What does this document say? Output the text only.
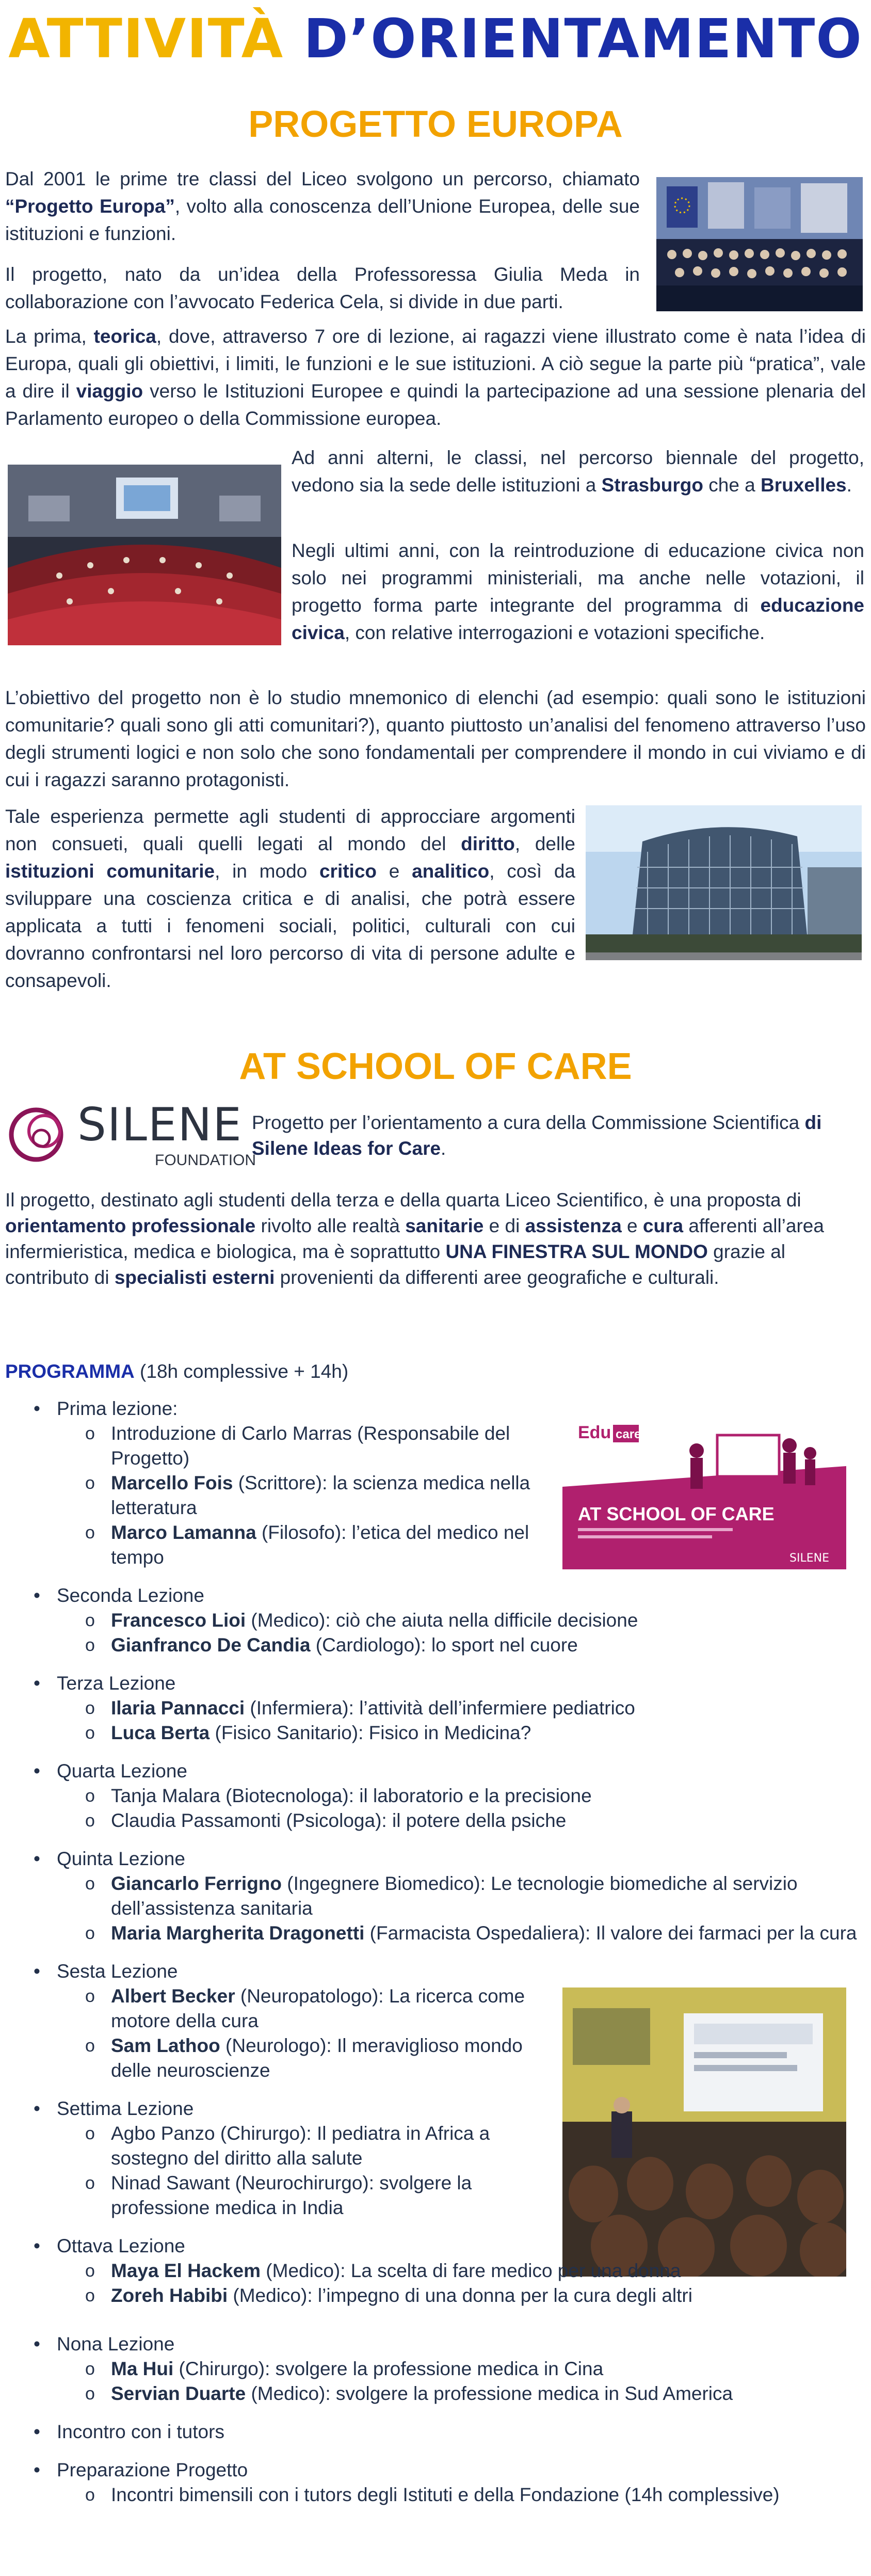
ATTIVITÀ D’ORIENTAMENTO
PROGETTO EUROPA

Dal 2001 le prime tre classi del Liceo svolgono un percorso, chiamato “Progetto Europa”, volto alla conoscenza dell’Unione Europea, delle sue istituzioni e funzioni.

Il progetto, nato da un’idea della Professoressa Giulia Meda in collaborazione con l’avvocato Federica Cela, si divide in due parti.

La prima, teorica, dove, attraverso 7 ore di lezione, ai ragazzi viene illustrato come è nata l’idea di Europa, quali gli obiettivi, i limiti, le funzioni e le sue istituzioni. A ciò segue la parte più “pratica”, vale a dire il viaggio verso le Istituzioni Europee e quindi la partecipazione ad una sessione plenaria del Parlamento europeo o della Commissione europea.

Ad anni alterni, le classi, nel percorso biennale del progetto, vedono sia la sede delle istituzioni a Strasburgo che a Bruxelles.

Negli ultimi anni, con la reintroduzione di educazione civica non solo nei programmi ministeriali, ma anche nelle votazioni, il progetto forma parte integrante del programma di educazione civica, con relative interrogazioni e votazioni specifiche.

L’obiettivo del progetto non è lo studio mnemonico di elenchi (ad esempio: quali sono le istituzioni comunitarie? quali sono gli atti comunitari?), quanto piuttosto un’analisi del fenomeno attraverso l’uso degli strumenti logici e non solo che sono fondamentali per comprendere il mondo in cui viviamo e di cui i ragazzi saranno protagonisti.

Tale esperienza permette agli studenti di approcciare argomenti non consueti, quali quelli legati al mondo del diritto, delle istituzioni comunitarie, in modo critico e analitico, così da sviluppare una coscienza critica e di analisi, che potrà essere applicata a tutti i fenomeni sociali, politici, culturali con cui dovranno confrontarsi nel loro percorso di vita di persone adulte e consapevoli.

AT SCHOOL OF CARE
SILENE
FOUNDATION

Progetto per l’orientamento a cura della Commissione Scientifica di Silene Ideas for Care.

Il progetto, destinato agli studenti della terza e della quarta Liceo Scientifico, è una proposta di orientamento professionale rivolto alle realtà sanitarie e di assistenza e cura afferenti all’area infermieristica, medica e biologica, ma è soprattutto UNA FINESTRA SUL MONDO grazie al contributo di specialisti esterni provenienti da differenti aree geografiche e culturali.

PROGRAMMA (18h complessive + 14h)

Edu care
AT SCHOOL OF CARE
SILENE
• Prima lezione:
o Introduzione di Carlo Marras (Responsabile del Progetto)
o Marcello Fois (Scrittore): la scienza medica nella letteratura
o Marco Lamanna (Filosofo): l’etica del medico nel tempo
• Seconda Lezione
o Francesco Lioi (Medico): ciò che aiuta nella difficile decisione
o Gianfranco De Candia (Cardiologo): lo sport nel cuore
• Terza Lezione
o Ilaria Pannacci (Infermiera): l’attività dell’infermiere pediatrico
o Luca Berta (Fisico Sanitario): Fisico in Medicina?
• Quarta Lezione
o Tanja Malara (Biotecnologa): il laboratorio e la precisione
o Claudia Passamonti (Psicologa): il potere della psiche
• Quinta Lezione
o Giancarlo Ferrigno (Ingegnere Biomedico): Le tecnologie biomediche al servizio dell’assistenza sanitaria
o Maria Margherita Dragonetti (Farmacista Ospedaliera): Il valore dei farmaci per la cura
• Sesta Lezione
o Albert Becker (Neuropatologo): La ricerca come motore della cura
o Sam Lathoo (Neurologo): Il meraviglioso mondo delle neuroscienze
• Settima Lezione
o Agbo Panzo (Chirurgo): Il pediatra in Africa a sostegno del diritto alla salute
o Ninad Sawant (Neurochirurgo): svolgere la professione medica in India
• Ottava Lezione
o Maya El Hackem (Medico): La scelta di fare medico per una donna
o Zoreh Habibi (Medico): l’impegno di una donna per la cura degli altri
• Nona Lezione
o Ma Hui (Chirurgo): svolgere la professione medica in Cina
o Servian Duarte (Medico): svolgere la professione medica in Sud America
• Incontro con i tutors
• Preparazione Progetto
o Incontri bimensili con i tutors degli Istituti e della Fondazione (14h complessive)
